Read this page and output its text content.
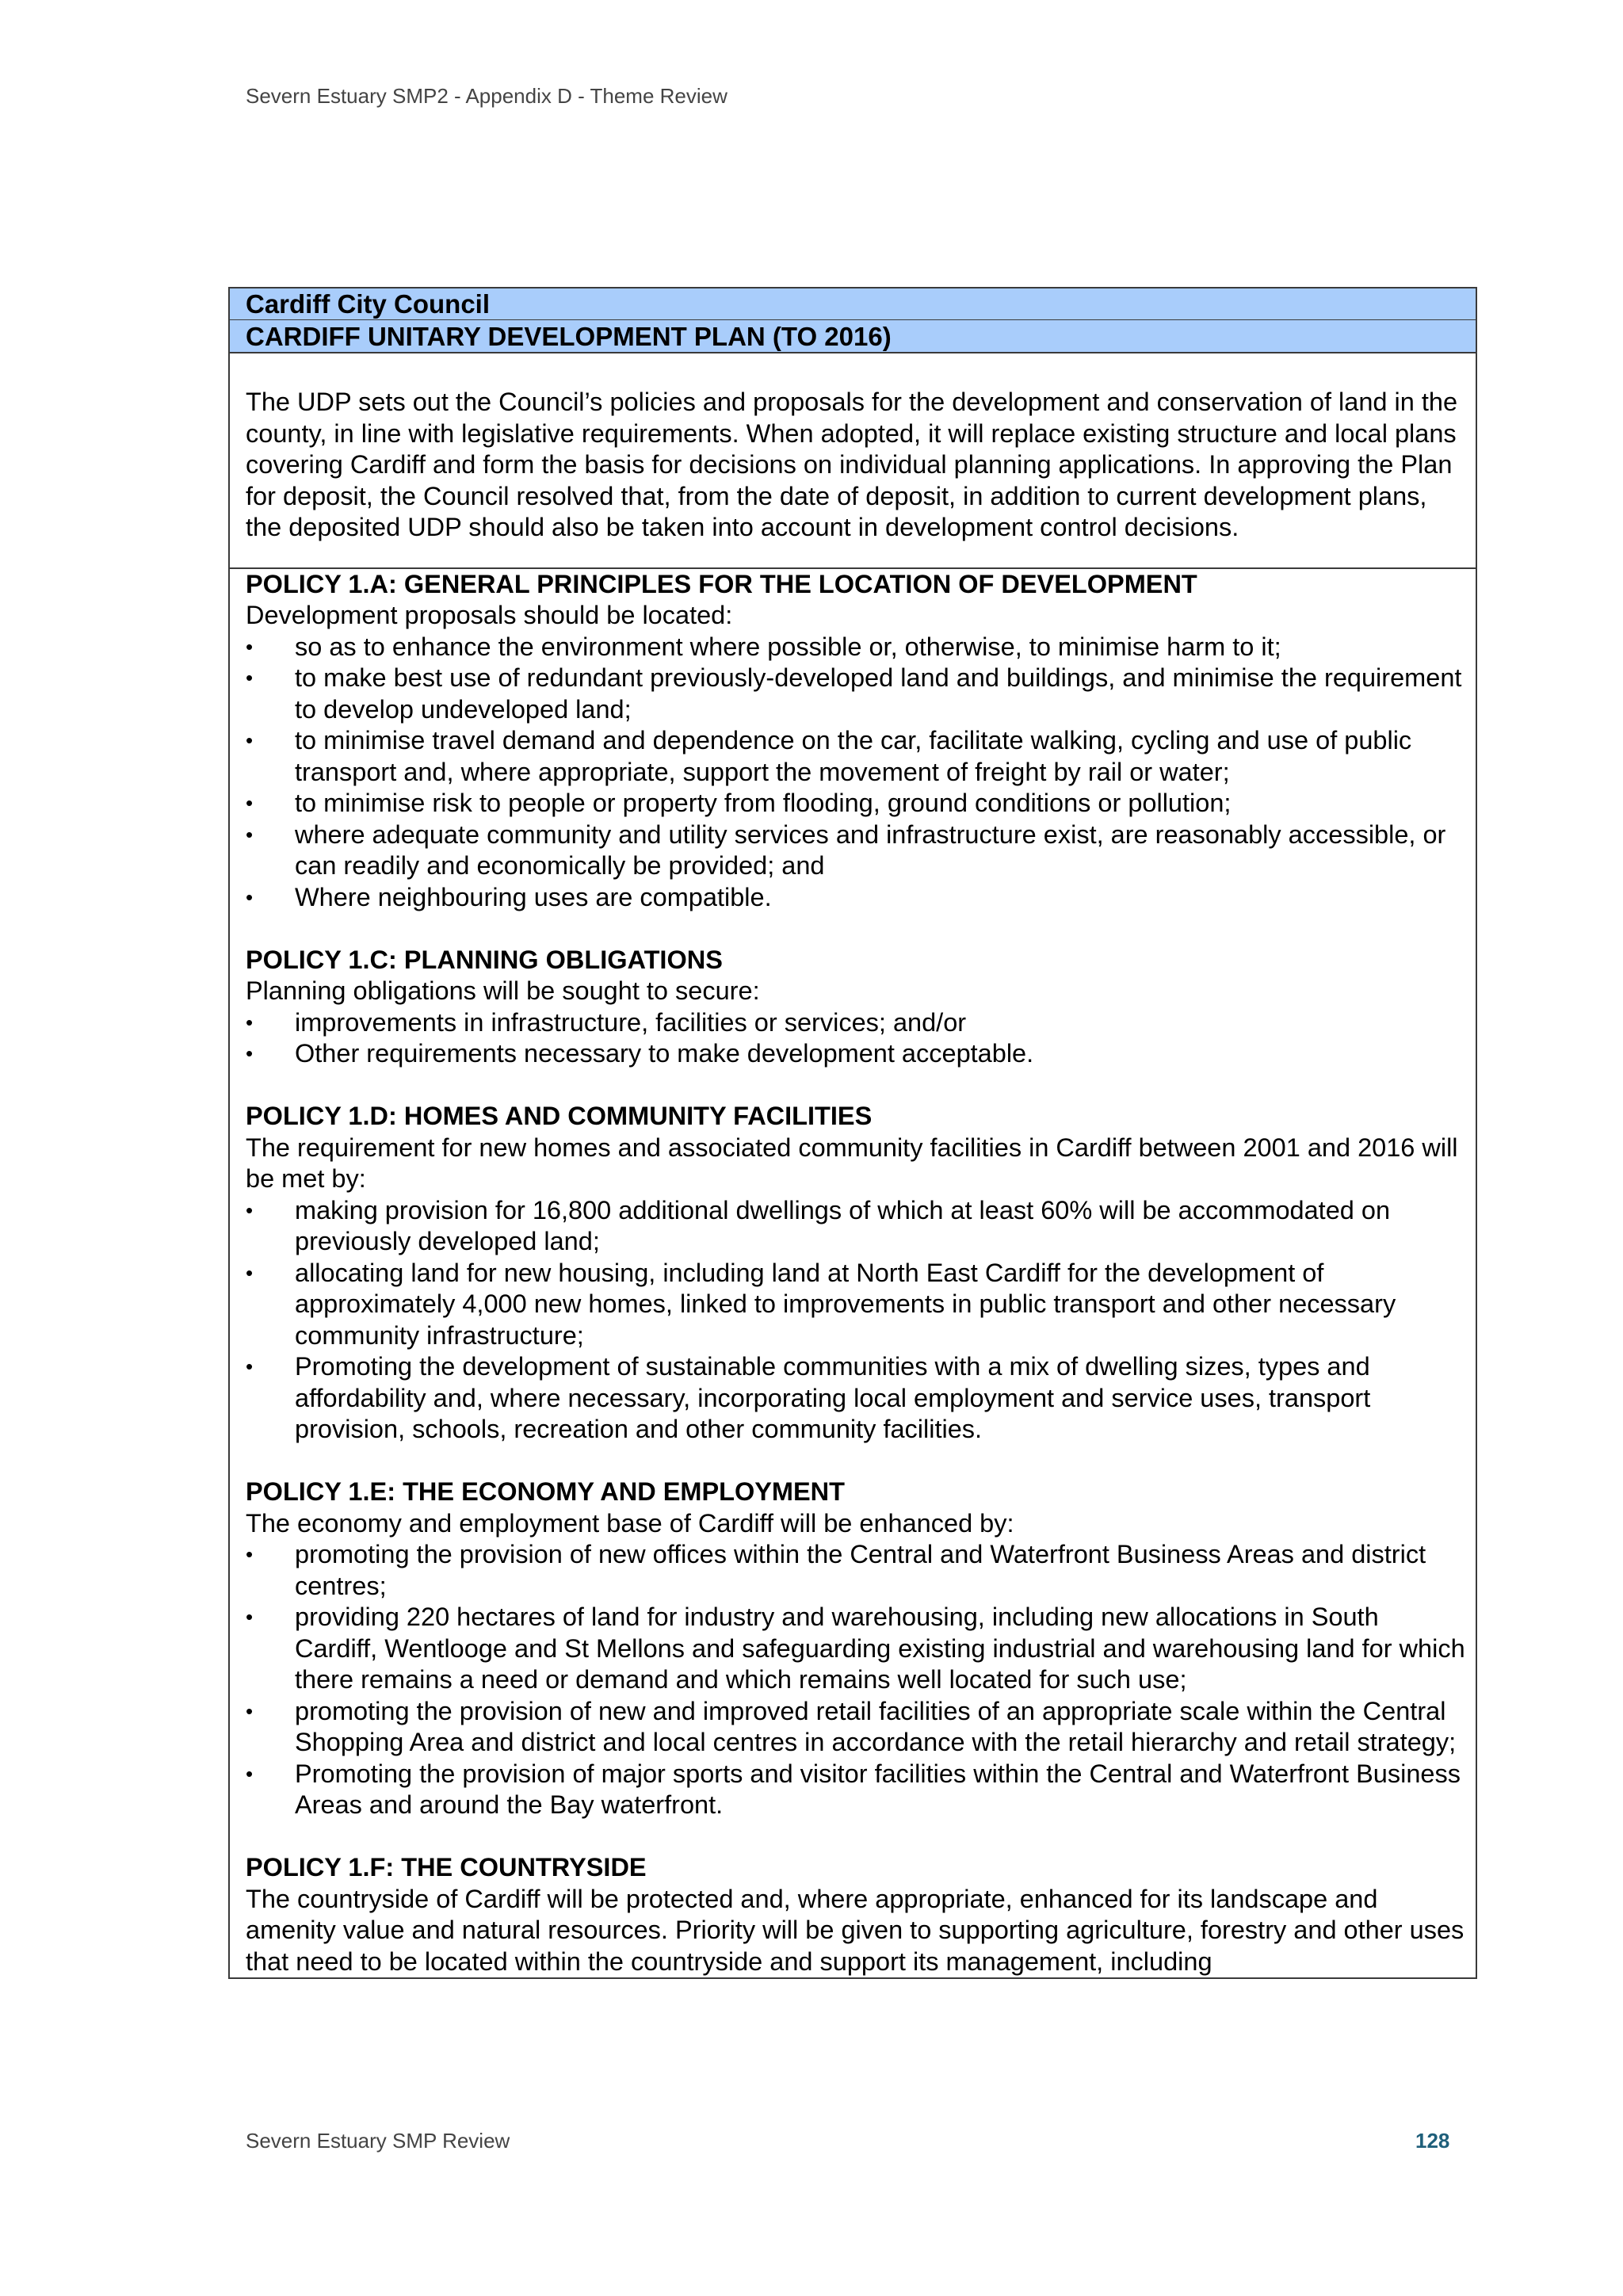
Severn Estuary SMP2 - Appendix D - Theme Review
Cardiff City Council
CARDIFF UNITARY DEVELOPMENT PLAN (TO 2016)

The UDP sets out the Council’s policies and proposals for the development and conservation of land in the county, in line with legislative requirements. When adopted, it will replace existing structure and local plans covering Cardiff and form the basis for decisions on individual planning applications. In approving the Plan for deposit, the Council resolved that, from the date of deposit, in addition to current development plans, the deposited UDP should also be taken into account in development control decisions.

POLICY 1.A: GENERAL PRINCIPLES FOR THE LOCATION OF DEVELOPMENT

Development proposals should be located:

• so as to enhance the environment where possible or, otherwise, to minimise harm to it;
• to make best use of redundant previously-developed land and buildings, and minimise the requirement to develop undeveloped land;
• to minimise travel demand and dependence on the car, facilitate walking, cycling and use of public transport and, where appropriate, support the movement of freight by rail or water;
• to minimise risk to people or property from flooding, ground conditions or pollution;
• where adequate community and utility services and infrastructure exist, are reasonably accessible, or can readily and economically be provided; and
• Where neighbouring uses are compatible.

POLICY 1.C: PLANNING OBLIGATIONS

Planning obligations will be sought to secure:

• improvements in infrastructure, facilities or services; and/or
• Other requirements necessary to make development acceptable.

POLICY 1.D: HOMES AND COMMUNITY FACILITIES

The requirement for new homes and associated community facilities in Cardiff between 2001 and 2016 will be met by:

• making provision for 16,800 additional dwellings of which at least 60% will be accommodated on previously developed land;
• allocating land for new housing, including land at North East Cardiff for the development of approximately 4,000 new homes, linked to improvements in public transport and other necessary community infrastructure;
• Promoting the development of sustainable communities with a mix of dwelling sizes, types and affordability and, where necessary, incorporating local employment and service uses, transport provision, schools, recreation and other community facilities.

POLICY 1.E: THE ECONOMY AND EMPLOYMENT

The economy and employment base of Cardiff will be enhanced by:

• promoting the provision of new offices within the Central and Waterfront Business Areas and district centres;
• providing 220 hectares of land for industry and warehousing, including new allocations in South Cardiff, Wentlooge and St Mellons and safeguarding existing industrial and warehousing land for which there remains a need or demand and which remains well located for such use;
• promoting the provision of new and improved retail facilities of an appropriate scale within the Central Shopping Area and district and local centres in accordance with the retail hierarchy and retail strategy;
• Promoting the provision of major sports and visitor facilities within the Central and Waterfront Business Areas and around the Bay waterfront.

POLICY 1.F: THE COUNTRYSIDE

The countryside of Cardiff will be protected and, where appropriate, enhanced for its landscape and amenity value and natural resources. Priority will be given to supporting agriculture, forestry and other uses that need to be located within the countryside and support its management, including

Severn Estuary SMP Review	128
